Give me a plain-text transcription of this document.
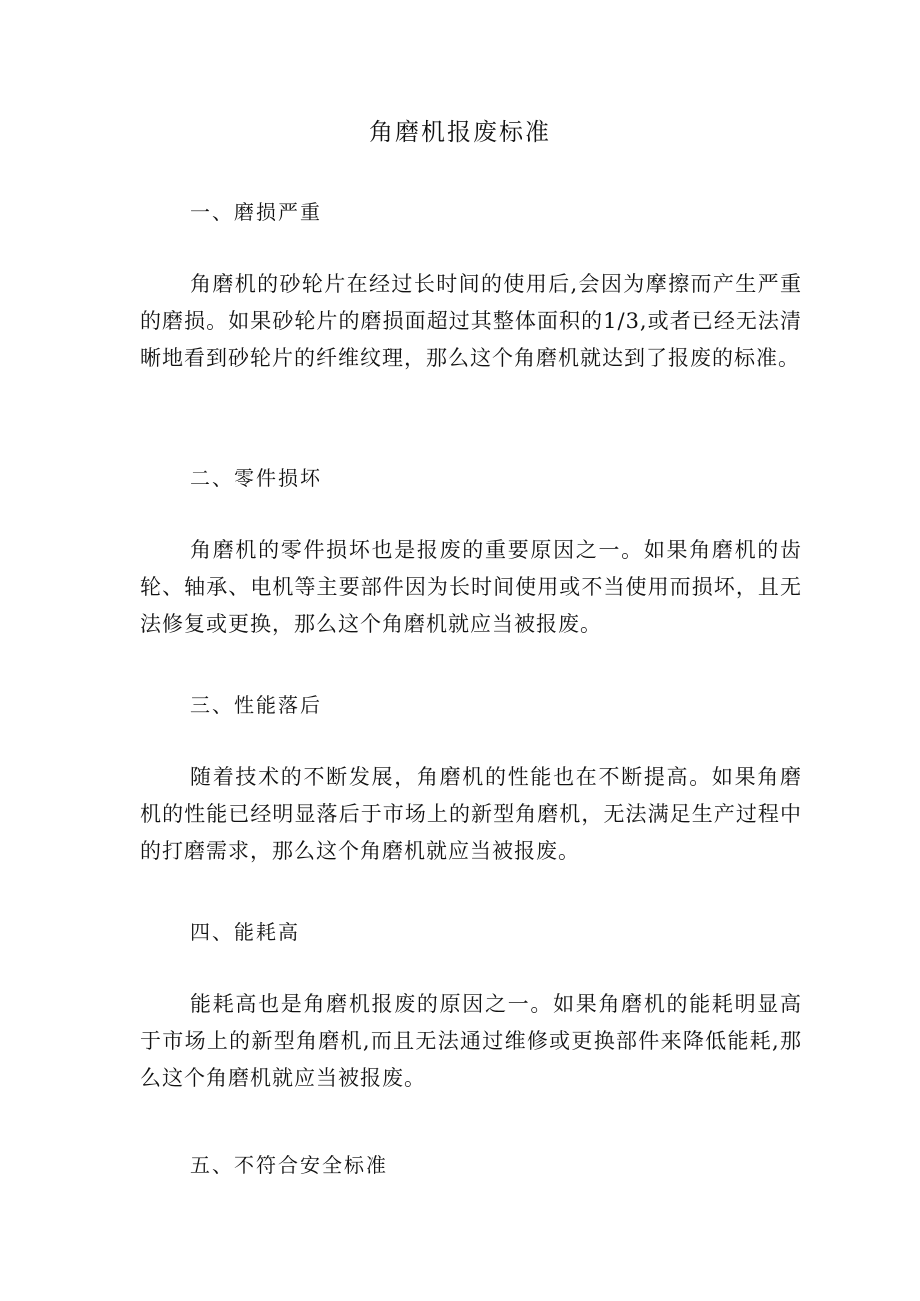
角磨机报废标准
一、磨损严重
角磨机的砂轮片在经过长时间的使用后,会因为摩擦而产生严重的磨损。如果砂轮片的磨损面超过其整体面积的1/3,或者已经无法清晰地看到砂轮片的纤维纹理，那么这个角磨机就达到了报废的标准。
二、零件损坏
角磨机的零件损坏也是报废的重要原因之一。如果角磨机的齿轮、轴承、电机等主要部件因为长时间使用或不当使用而损坏，且无法修复或更换，那么这个角磨机就应当被报废。
三、性能落后
随着技术的不断发展，角磨机的性能也在不断提高。如果角磨机的性能已经明显落后于市场上的新型角磨机，无法满足生产过程中的打磨需求，那么这个角磨机就应当被报废。
四、能耗高
能耗高也是角磨机报废的原因之一。如果角磨机的能耗明显高于市场上的新型角磨机,而且无法通过维修或更换部件来降低能耗,那么这个角磨机就应当被报废。
五、不符合安全标准
